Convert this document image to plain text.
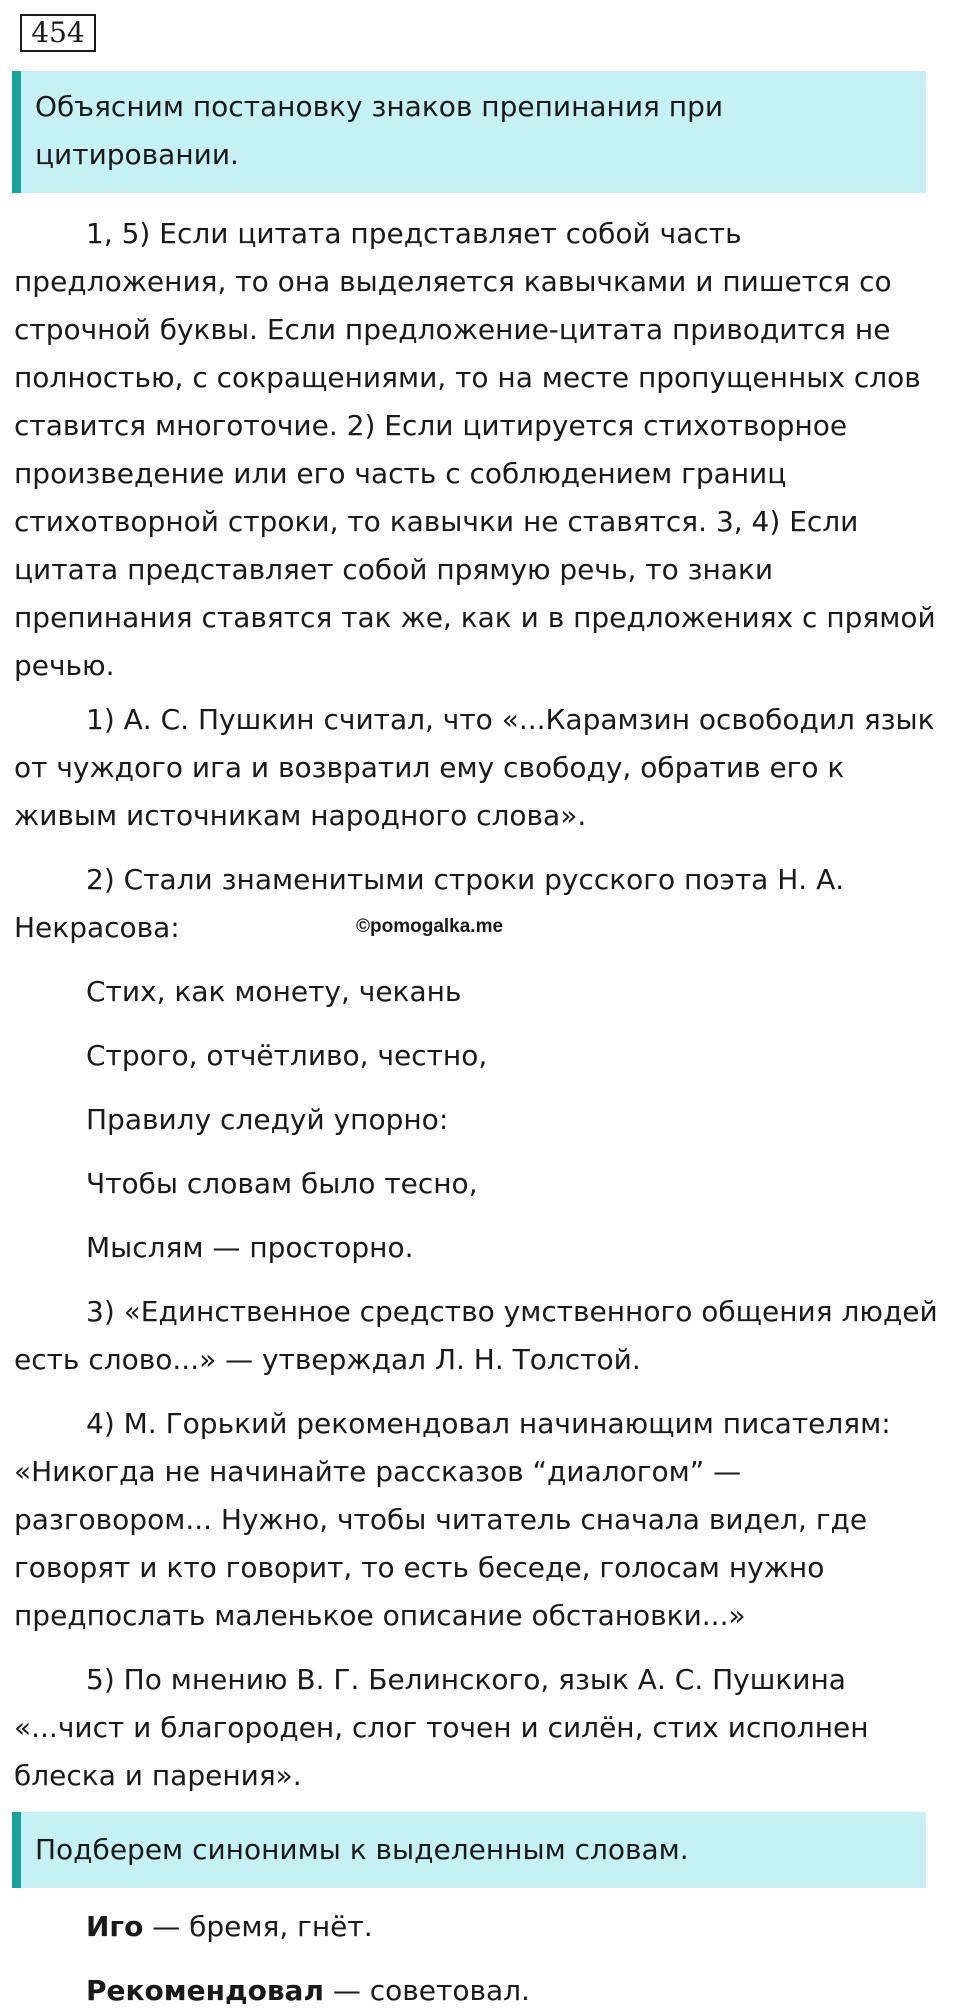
454
Объясним постановку знаков препинания при цитировании.

1, 5) Если цитата представляет собой часть предложения, то она выделяется кавычками и пишется со строчной буквы. Если предложение-цитата приводится не полностью, с сокращениями, то на месте пропущенных слов ставится многоточие. 2) Если цитируется стихотворное произведение или его часть с соблюдением границ стихотворной строки, то кавычки не ставятся. 3, 4) Если цитата представляет собой прямую речь, то знаки препинания ставятся так же, как и в предложениях с прямой речью.

1) А. С. Пушкин считал, что «...Карамзин освободил язык от чуждого ига и возвратил ему свободу, обратив его к живым источникам народного слова».

2) Стали знаменитыми строки русского поэта Н. А. Некрасова:	©pomogalka.me

Стих, как монету, чекань

Строго, отчётливо, честно,

Правилу следуй упорно:

Чтобы словам было тесно,

Мыслям — просторно.

3) «Единственное средство умственного общения людей есть слово...» — утверждал Л. Н. Толстой.

4) М. Горький рекомендовал начинающим писателям: «Никогда не начинайте рассказов “диалогом” — разговором... Нужно, чтобы читатель сначала видел, где говорят и кто говорит, то есть беседе, голосам нужно предпослать маленькое описание обстановки...»

5) По мнению В. Г. Белинского, язык А. С. Пушкина «...чист и благороден, слог точен и силён, стих исполнен блеска и парения».

Подберем синонимы к выделенным словам.

Иго — бремя, гнёт.

Рекомендовал — советовал.
